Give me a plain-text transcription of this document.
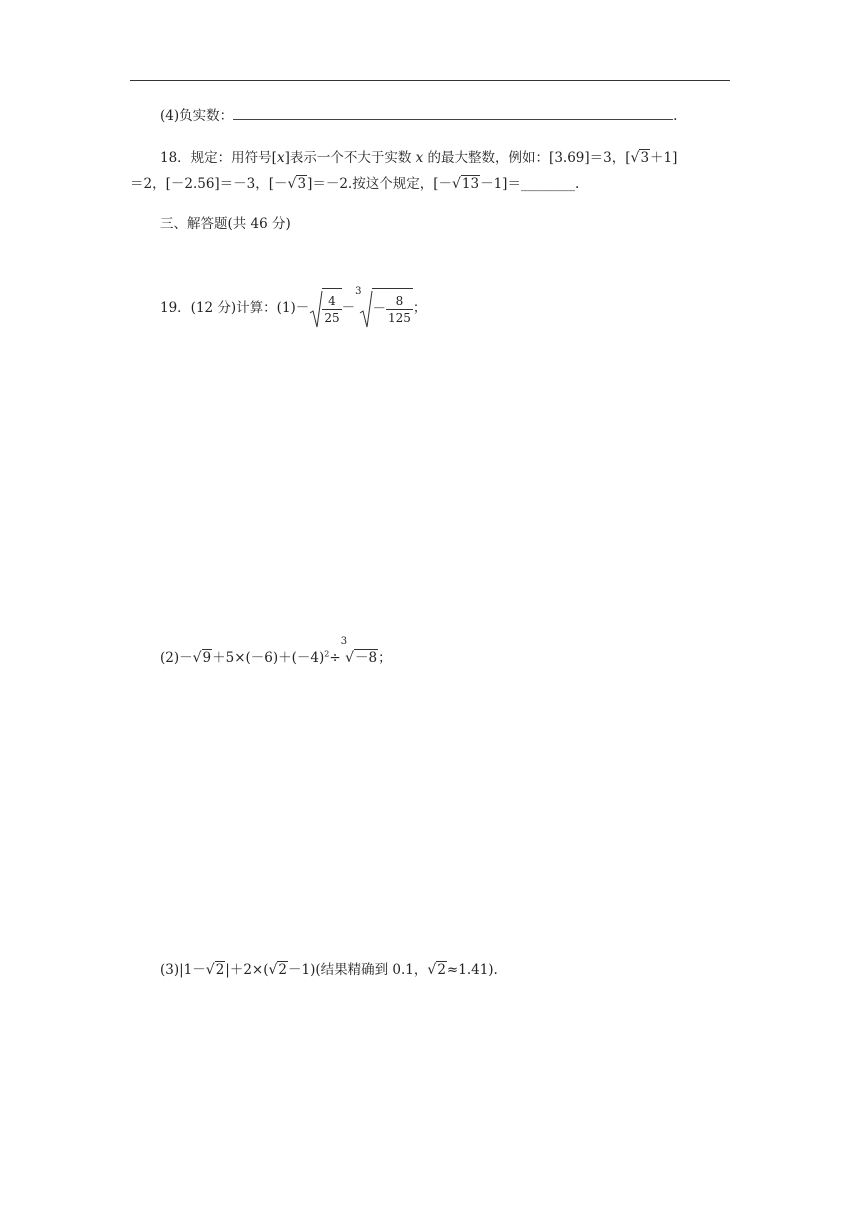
(4)负实数：	.
18．规定：用符号[x]表示一个不大于实数 x 的最大整数，例如：[3.69]＝3，[√3＋1]
＝2，[－2.56]＝－3，[－√3]＝－2.按这个规定，[－√13－1]＝________.
三、解答题(共 46 分)
19．(12 分)计算：$(1)- \frac{4}{25} -^3- \frac{8}{125}$ ；
$(2)-√9+5\times(-6)+(-4)^2\div^3√-8$；
(3)|1－√2|＋2×(√2－1)(结果精确到 0.1，√2≈1.41).
